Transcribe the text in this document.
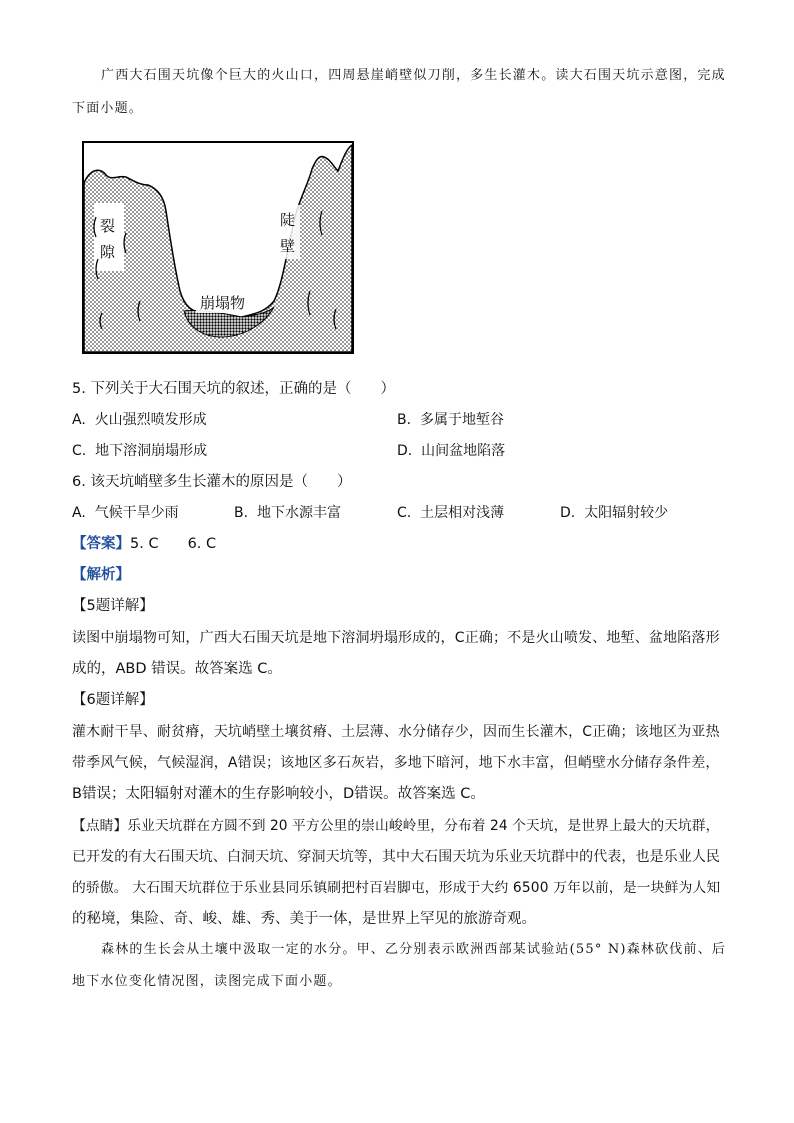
广西大石围天坑像个巨大的火山口，四周悬崖峭壁似刀削，多生长灌木。读大石围天坑示意图，完成
下面小题。
裂
隙
陡
壁
崩塌物
5. 下列关于大石围天坑的叙述，正确的是（　　）
A. 火山强烈喷发形成	B. 多属于地堑谷
C. 地下溶洞崩塌形成	D. 山间盆地陷落
6. 该天坑峭壁多生长灌木的原因是（　　）
A. 气候干旱少雨	B. 地下水源丰富	C. 土层相对浅薄	D. 太阳辐射较少
【答案】5. C　　6. C
【解析】
【5题详解】
读图中崩塌物可知，广西大石围天坑是地下溶洞坍塌形成的，C正确；不是火山喷发、地堑、盆地陷落形
成的，ABD 错误。故答案选 C。
【6题详解】
灌木耐干旱、耐贫瘠，天坑峭壁土壤贫瘠、土层薄、水分储存少，因而生长灌木，C正确；该地区为亚热
带季风气候，气候湿润，A错误；该地区多石灰岩，多地下暗河，地下水丰富，但峭壁水分储存条件差，
B错误；太阳辐射对灌木的生存影响较小，D错误。故答案选 C。
【点睛】乐业天坑群在方圆不到 20 平方公里的崇山峻岭里，分布着 24 个天坑，是世界上最大的天坑群，
已开发的有大石围天坑、白洞天坑、穿洞天坑等，其中大石围天坑为乐业天坑群中的代表，也是乐业人民
的骄傲。 大石围天坑群位于乐业县同乐镇刷把村百岩脚屯，形成于大约 6500 万年以前，是一块鲜为人知
的秘境，集险、奇、峻、雄、秀、美于一体，是世界上罕见的旅游奇观。
森林的生长会从土壤中汲取一定的水分。甲、乙分别表示欧洲西部某试验站(55° N)森林砍伐前、后
地下水位变化情况图，读图完成下面小题。
